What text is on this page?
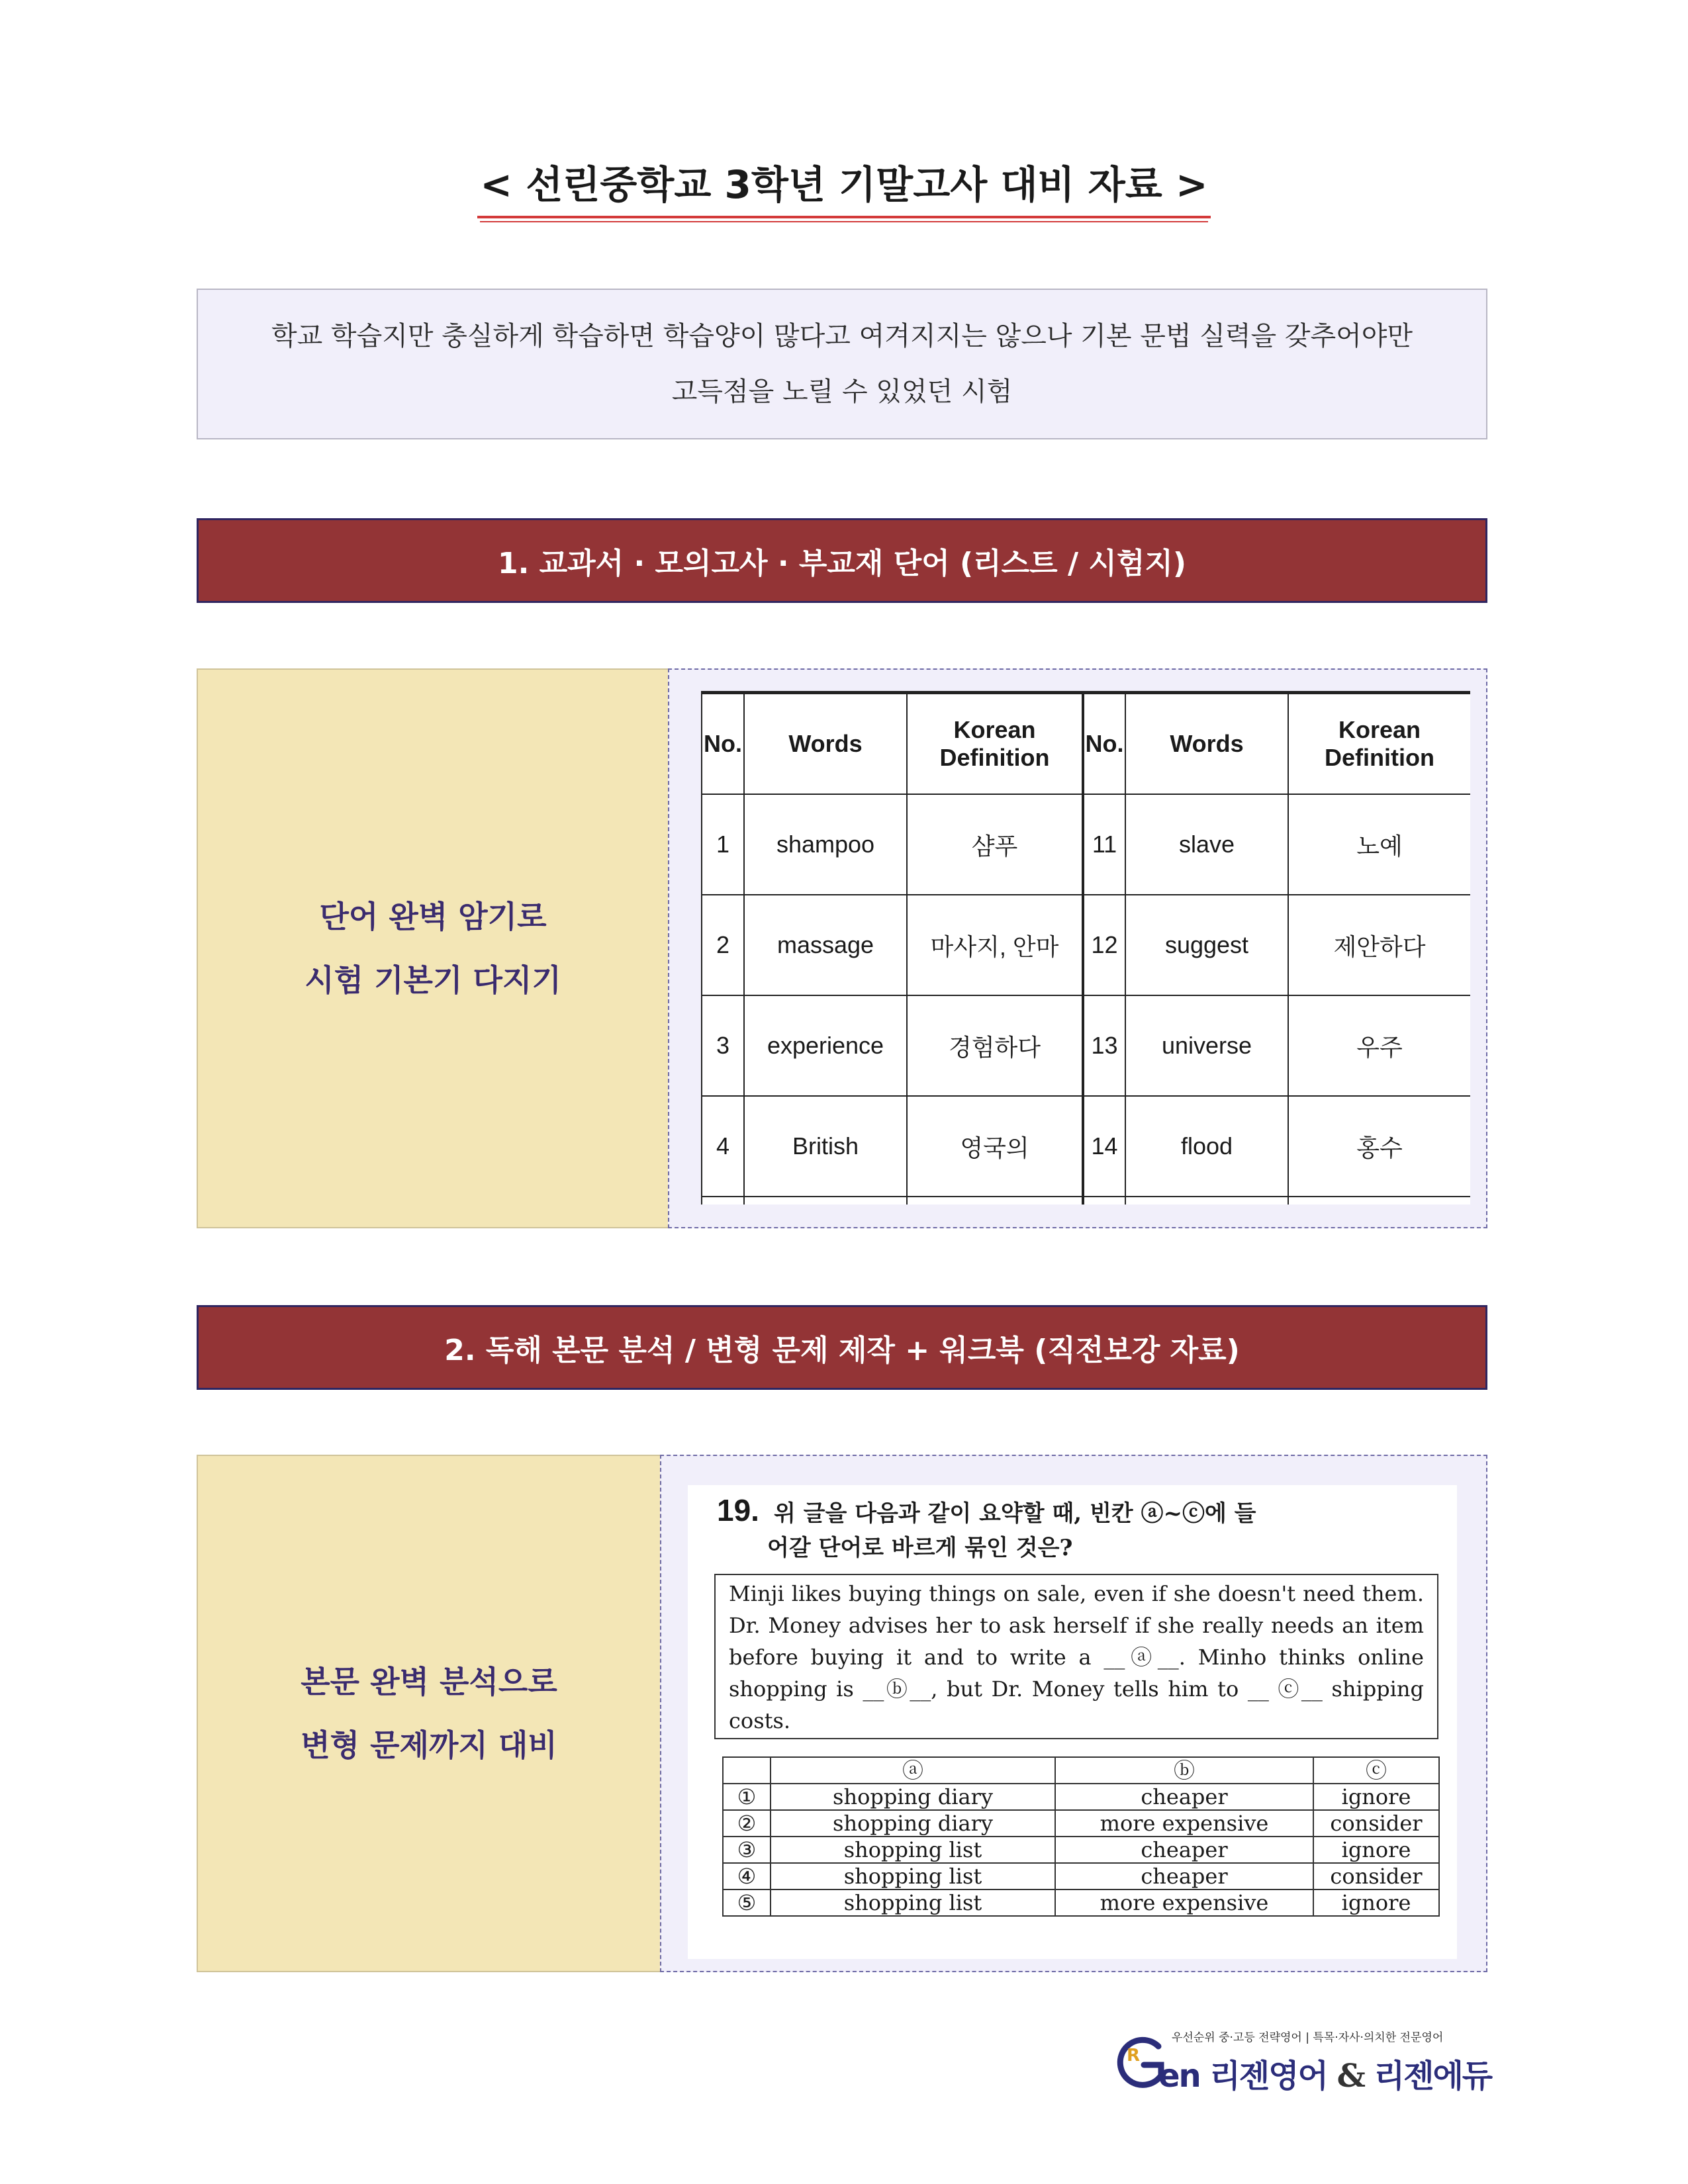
< 선린중학교 3학년 기말고사 대비 자료 >
학교 학습지만 충실하게 학습하면 학습양이 많다고 여겨지지는 않으나 기본 문법 실력을 갖추어야만
고득점을 노릴 수 있었던 시험
1. 교과서 · 모의고사 · 부교재 단어 (리스트 / 시험지)
단어 완벽 암기로
시험 기본기 다지기
No.	Words	Korean Definition	No.	Words	Korean Definition
1	shampoo	샴푸	11	slave	노예
2	massage	마사지, 안마	12	suggest	제안하다
3	experience	경험하다	13	universe	우주
4	British	영국의	14	flood	홍수

2. 독해 본문 분석 / 변형 문제 제작 + 워크북 (직전보강 자료)
본문 완벽 분석으로
변형 문제까지 대비
19. 위 글을 다음과 같이 요약할 때, 빈칸 ⓐ~ⓒ에 들
어갈 단어로 바르게 묶인 것은?
Minji likes buying things on sale, even if she doesn't need them. Dr. Money advises her to ask herself if she really needs an item before buying it and to write a __ⓐ__. Minho thinks online shopping is __ⓑ__, but Dr. Money tells him to __ ⓒ__ shipping costs.
	ⓐ	ⓑ	ⓒ
①	shopping diary	cheaper	ignore
②	shopping diary	more expensive	consider
③	shopping list	cheaper	ignore
④	shopping list	cheaper	consider
⑤	shopping list	more expensive	ignore
R
우선순위 중·고등 전략영어 | 특목·자사·의치한 전문영어
en 리젠영어 & 리젠에듀
